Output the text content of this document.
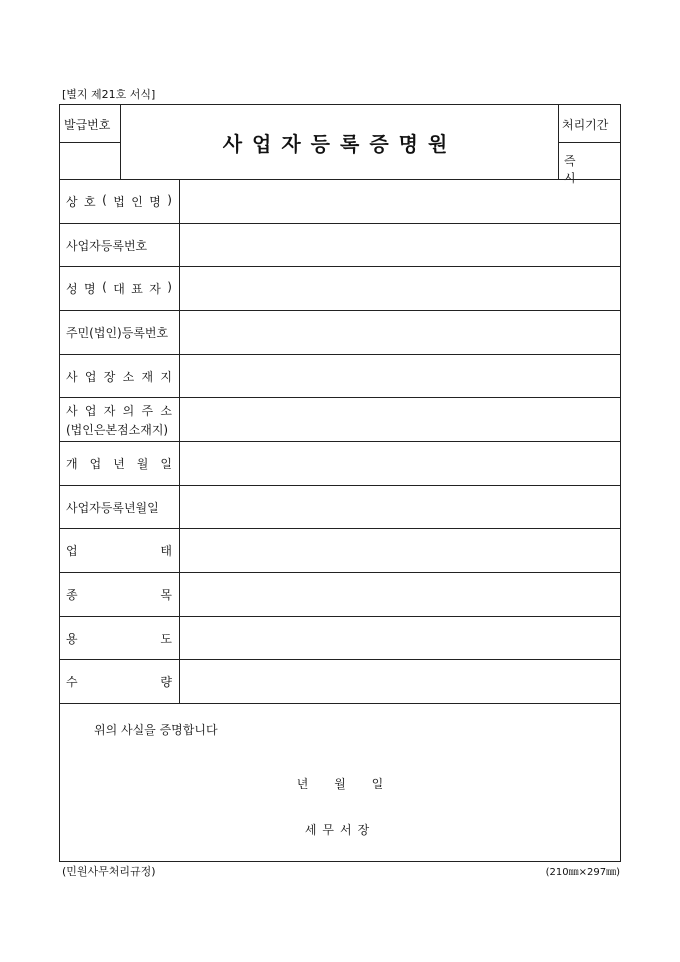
[별지 제21호 서식]
발급번호
사업자등록증명원
처리기간
즉 시
상 호 ( 법 인 명 )
사업자등록번호
성 명 ( 대 표 자 )
주민(법인)등록번호
사 업 장 소 재 지
사 업 자 의 주 소
(법인은본점소재지)
개 업 년 월 일
사업자등록년월일
업	태
종	목
용	도
수	량
위의 사실을 증명합니다
년 월 일
세무서장
(민원사무처리규정)	(210㎜×297㎜)
